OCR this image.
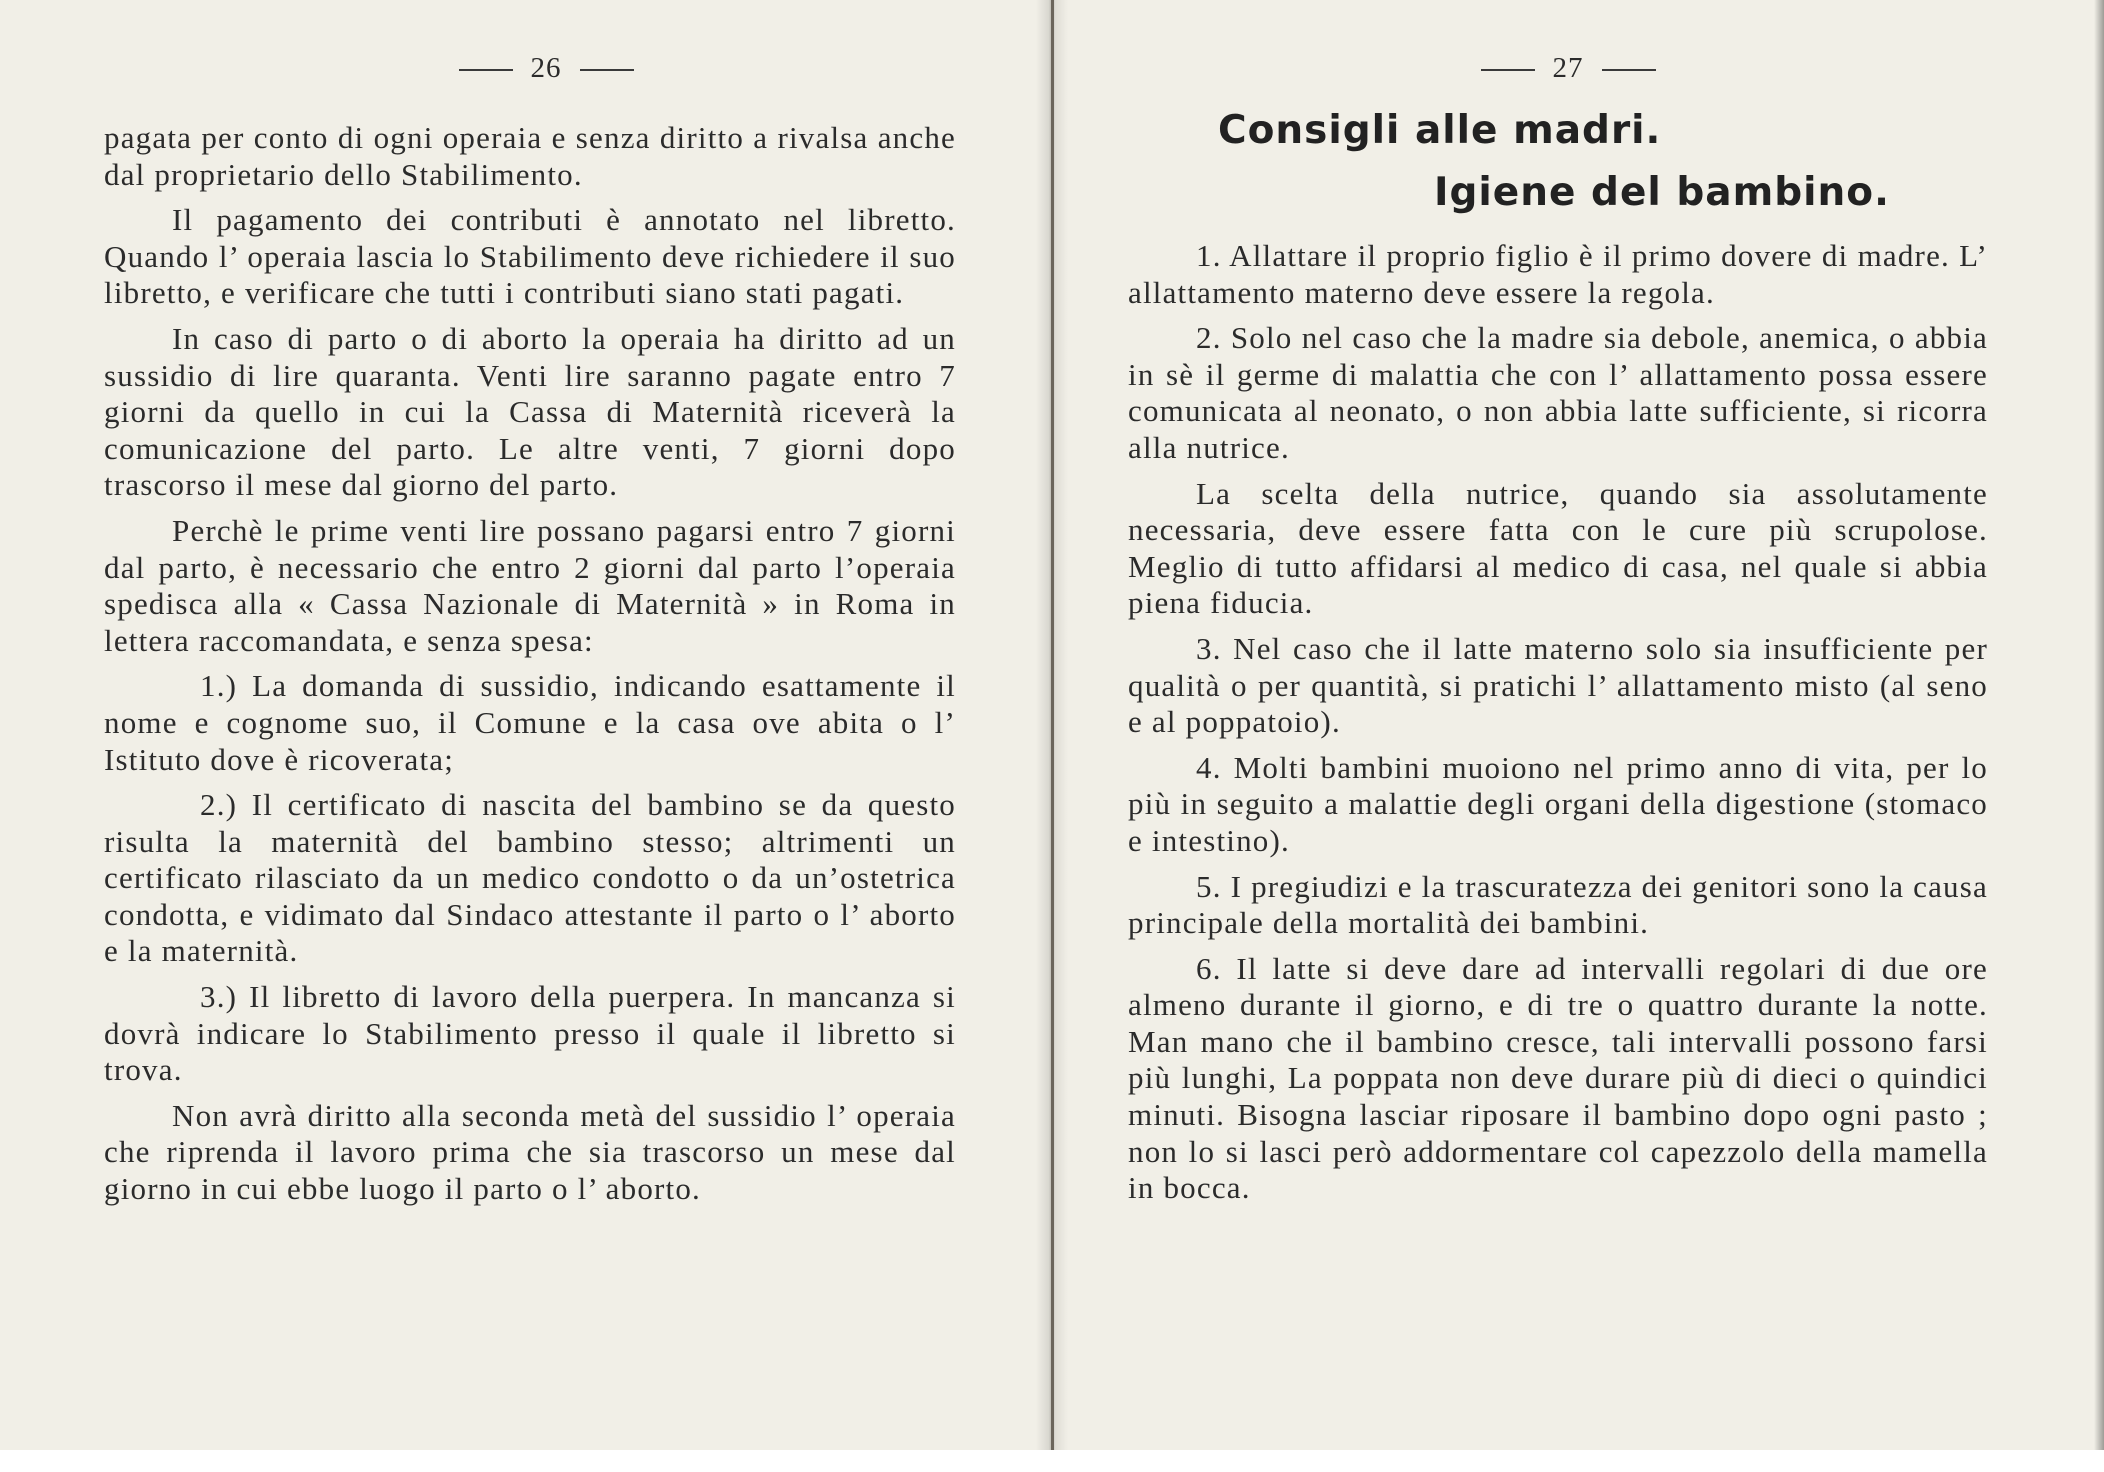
26

pagata per conto di ogni operaia e senza diritto a rivalsa anche dal proprietario dello Stabilimento.

Il pagamento dei contributi è annotato nel libretto. Quando l’ operaia lascia lo Stabilimento deve richiedere il suo libretto, e verificare che tutti i contributi siano stati pagati.

In caso di parto o di aborto la operaia ha diritto ad un sussidio di lire quaranta. Venti lire saranno pagate entro 7 giorni da quello in cui la Cassa di Maternità riceverà la comunicazione del parto. Le altre venti, 7 giorni dopo trascorso il mese dal giorno del parto.

Perchè le prime venti lire possano pagarsi entro 7 giorni dal parto, è necessario che entro 2 giorni dal parto l’operaia spedisca alla « Cassa Nazionale di Maternità » in Roma in lettera raccomandata, e senza spesa:

1.) La domanda di sussidio, indicando esattamente il nome e cognome suo, il Comune e la casa ove abita o l’ Istituto dove è ricoverata;

2.) Il certificato di nascita del bambino se da questo risulta la maternità del bambino stesso; altrimenti un certificato rilasciato da un medico condotto o da un’ostetrica condotta, e vidimato dal Sindaco attestante il parto o l’ aborto e la maternità.

3.) Il libretto di lavoro della puerpera. In mancanza si dovrà indicare lo Stabilimento presso il quale il libretto si trova.

Non avrà diritto alla seconda metà del sussidio l’ operaia che riprenda il lavoro prima che sia trascorso un mese dal giorno in cui ebbe luogo il parto o l’ aborto.

27
Consigli alle madri.
Igiene del bambino.

1. Allattare il proprio figlio è il primo dovere di madre. L’ allattamento materno deve essere la regola.

2. Solo nel caso che la madre sia debole, anemica, o abbia in sè il germe di malattia che con l’ allattamento possa essere comunicata al neonato, o non abbia latte sufficiente, si ricorra alla nutrice.

La scelta della nutrice, quando sia assolutamente necessaria, deve essere fatta con le cure più scrupolose. Meglio di tutto affidarsi al medico di casa, nel quale si abbia piena fiducia.

3. Nel caso che il latte materno solo sia insufficiente per qualità o per quantità, si pratichi l’ allattamento misto (al seno e al poppatoio).

4. Molti bambini muoiono nel primo anno di vita, per lo più in seguito a malattie degli organi della digestione (stomaco e intestino).

5. I pregiudizi e la trascuratezza dei genitori sono la causa principale della mortalità dei bambini.

6. Il latte si deve dare ad intervalli regolari di due ore almeno durante il giorno, e di tre o quattro durante la notte. Man mano che il bambino cresce, tali intervalli possono farsi più lunghi, La poppata non deve durare più di dieci o quindici minuti. Bisogna lasciar riposare il bambino dopo ogni pasto ; non lo si lasci però addormentare col capezzolo della mamella in bocca.
